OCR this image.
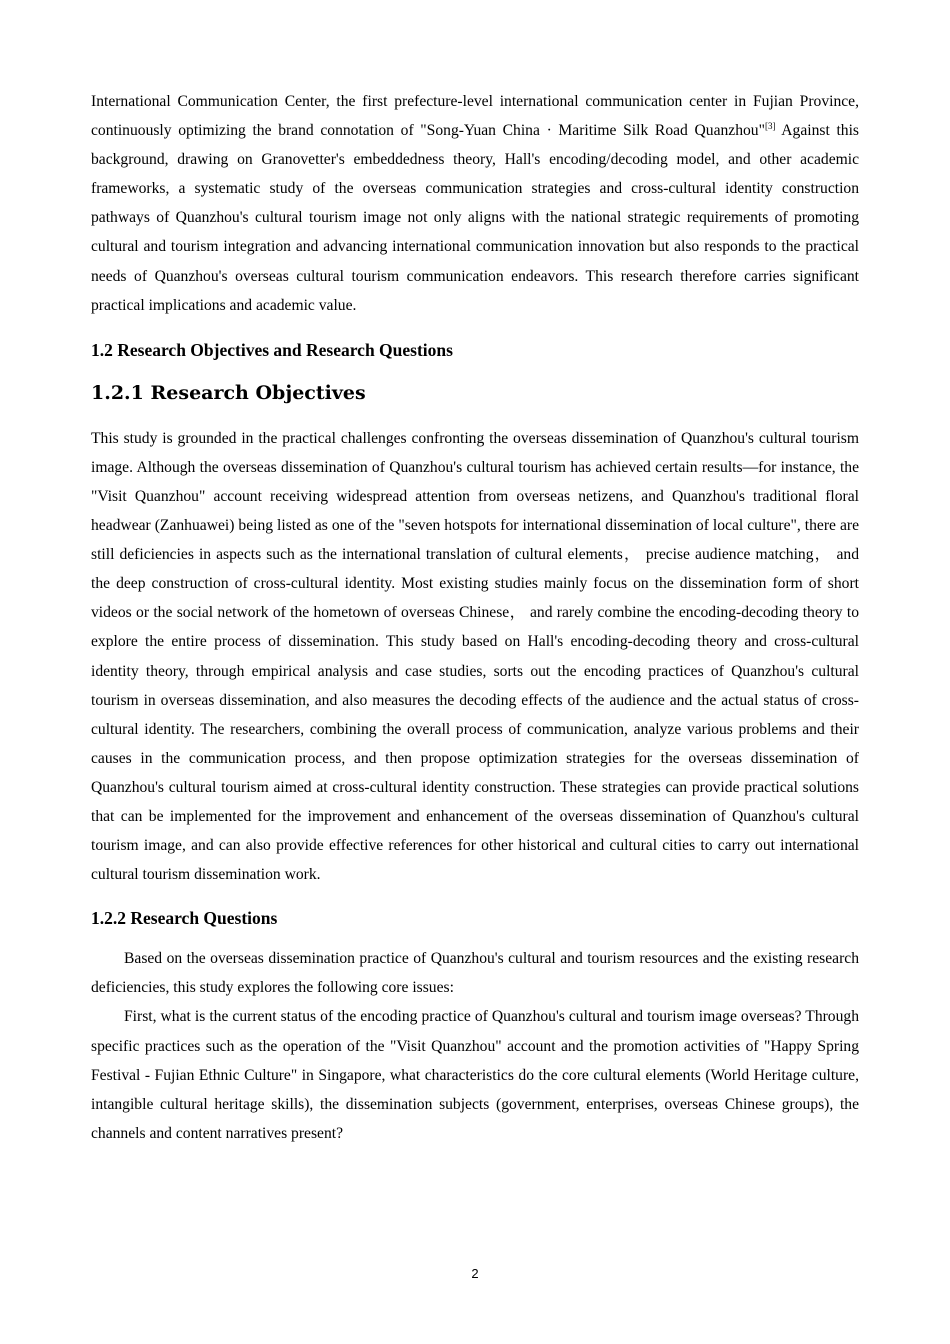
International Communication Center, the first prefecture-level international communication center in Fujian Province, continuously optimizing the brand connotation of "Song-Yuan China · Maritime Silk Road Quanzhou"[3] Against this background, drawing on Granovetter's embeddedness theory, Hall's encoding/decoding model, and other academic frameworks, a systematic study of the overseas communication strategies and cross-cultural identity construction pathways of Quanzhou's cultural tourism image not only aligns with the national strategic requirements of promoting cultural and tourism integration and advancing international communication innovation but also responds to the practical needs of Quanzhou's overseas cultural tourism communication endeavors. This research therefore carries significant practical implications and academic value.

1.2 Research Objectives and Research Questions
1.2.1 Research Objectives

This study is grounded in the practical challenges confronting the overseas dissemination of Quanzhou's cultural tourism image. Although the overseas dissemination of Quanzhou's cultural tourism has achieved certain results—for instance, the "Visit Quanzhou" account receiving widespread attention from overseas netizens, and Quanzhou's traditional floral headwear (Zanhuawei) being listed as one of the "seven hotspots for international dissemination of local culture", there are still deficiencies in aspects such as the international translation of cultural elements， precise audience matching， and the deep construction of cross-cultural identity. Most existing studies mainly focus on the dissemination form of short videos or the social network of the hometown of overseas Chinese， and rarely combine the encoding-decoding theory to explore the entire process of dissemination. This study based on Hall's encoding-decoding theory and cross-cultural identity theory, through empirical analysis and case studies, sorts out the encoding practices of Quanzhou's cultural tourism in overseas dissemination, and also measures the decoding effects of the audience and the actual status of cross-cultural identity. The researchers, combining the overall process of communication, analyze various problems and their causes in the communication process, and then propose optimization strategies for the overseas dissemination of Quanzhou's cultural tourism aimed at cross-cultural identity construction. These strategies can provide practical solutions that can be implemented for the improvement and enhancement of the overseas dissemination of Quanzhou's cultural tourism image, and can also provide effective references for other historical and cultural cities to carry out international cultural tourism dissemination work.

1.2.2 Research Questions

Based on the overseas dissemination practice of Quanzhou's cultural and tourism resources and the existing research deficiencies, this study explores the following core issues:

First, what is the current status of the encoding practice of Quanzhou's cultural and tourism image overseas? Through specific practices such as the operation of the "Visit Quanzhou" account and the promotion activities of "Happy Spring Festival - Fujian Ethnic Culture" in Singapore, what characteristics do the core cultural elements (World Heritage culture, intangible cultural heritage skills), the dissemination subjects (government, enterprises, overseas Chinese groups), the channels and content narratives present?

2
